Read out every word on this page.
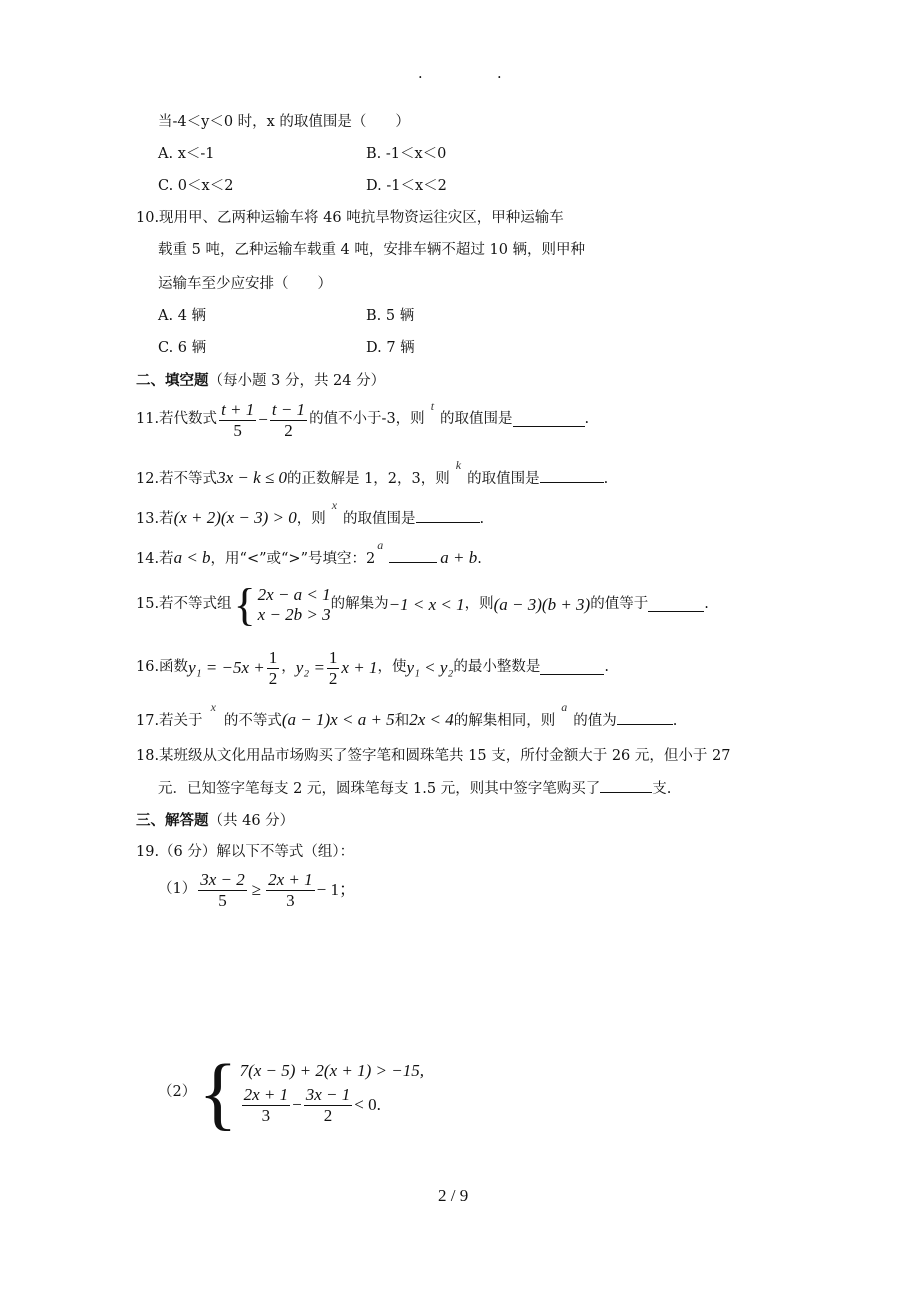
.	.
当-4＜y＜0 时，x 的取值围是（　　）
A. x＜-1	B. -1＜x＜0
C. 0＜x＜2	D. -1＜x＜2
10.现用甲、乙两种运输车将 46 吨抗旱物资运往灾区，甲种运输车
载重 5 吨，乙种运输车载重 4 吨，安排车辆不超过 10 辆，则甲种
运输车至少应安排（　　）
A. 4 辆	B. 5 辆
C. 6 辆	D. 7 辆
二、填空题（每小题 3 分，共 24 分）
11.若代数式 $\frac{t + 1}{5} - \frac{t - 1}{2}$ 的值不小于-3，则
t
的取值围是	.
12.若不等式3x − k ≤ 0的正数解是 1，2，3，则$^k$的取值围是	.
13.若(x + 2)(x − 3) > 0，则$^x$的取值围是	.
14.若a < b，用“<”或“>”号填空：$2^aa + b$.
15.若不等式组 { 2x − a < 1
x − 2b > 3
的解集为 −1 < x < 1 ，则 (a − 3)(b + 3) 的值等于	.
16.函数 $y_1 = -5x + \frac{1}{2}$ ， $y_2 = \frac{1}{2}$ x + 1 ，使 y₁ < y₂ 的最小整数是	.
17.若关于$^x$的不等式(a − 1)x < a + 5和2x < 4的解集相同，则$^a$的值为	.
18.某班级从文化用品市场购买了签字笔和圆珠笔共 15 支，所付金额大于 26 元，但小于 27
元．已知签字笔每支 2 元，圆珠笔每支 1.5 元，则其中签字笔购买了	支.
三、解答题（共 46 分）
19.（6 分）解以下不等式（组）：
$(1) \frac{3x - 2}{5} \ge \frac{2x + 1}{3} - 1$；
（2） { 7(x − 5) + 2(x + 1) > −15,
$\frac{2x + 1}{3} - \frac{3x - 1}{2} < 0$.
2 / 9
